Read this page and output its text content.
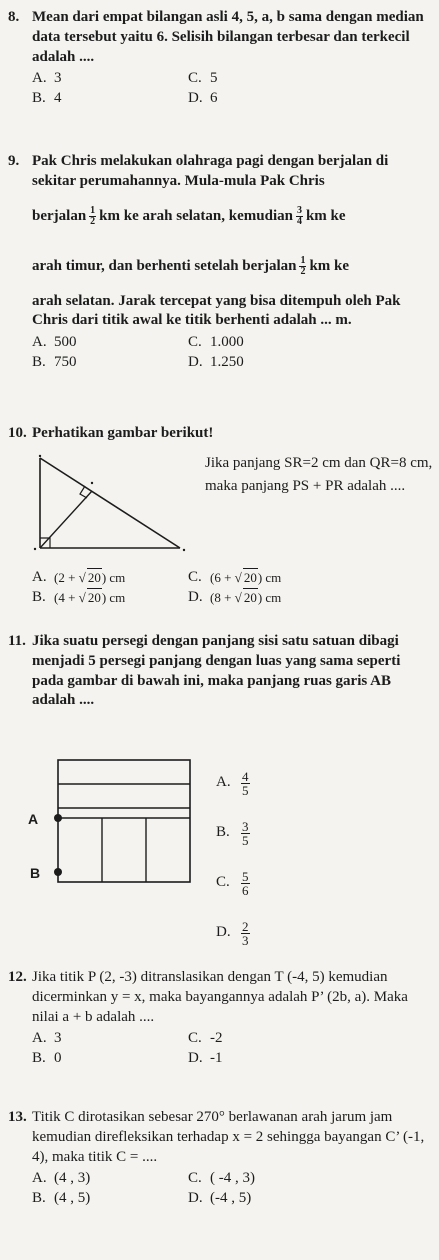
8. Mean dari empat bilangan asli 4, 5, a, b sama dengan median data tersebut yaitu 6. Selisih bilangan terbesar dan terkecil adalah ....
A. 3	C. 5
B. 4	D. 6
9. Pak Chris melakukan olahraga pagi dengan berjalan di sekitar perumahannya. Mula-mula Pak Chris
berjalan $\frac{1}{2}$ km ke arah selatan, kemudian $\frac{3}{4}$ km ke
arah timur, dan berhenti setelah berjalan $\frac{1}{2}$ km ke
arah selatan. Jarak tercepat yang bisa ditempuh oleh Pak Chris dari titik awal ke titik berhenti adalah ... m.
A. 500	C. 1.000
B. 750	D. 1.250
10. Perhatikan gambar berikut!
Jika panjang SR=2 cm dan QR=8 cm, maka panjang PS + PR adalah ....
A. (2 + √ 20) cm	C. (6 + √ 20) cm
B. (4 + √ 20) cm	D. (8 + √ 20) cm
11. Jika suatu persegi dengan panjang sisi satu satuan dibagi menjadi 5 persegi panjang dengan luas yang sama seperti pada gambar di bawah ini, maka panjang ruas garis AB adalah ....
A
B
A. $\frac{4}{5}$
B. $\frac{3}{5}$
C. $\frac{5}{6}$
D. $\frac{2}{3}$
12. Jika titik P (2, -3) ditranslasikan dengan T (-4, 5) kemudian dicerminkan y = x, maka bayangannya adalah P’ (2b, a). Maka nilai a + b adalah ....
A. 3	C. -2
B. 0	D. -1
13. Titik C dirotasikan sebesar 270° berlawanan arah jarum jam kemudian direfleksikan terhadap x = 2 sehingga bayangan C’ (-1, 4), maka titik C = ....
A. (4 , 3)	C. ( -4 , 3)
B. (4 , 5)	D. (-4 , 5)
